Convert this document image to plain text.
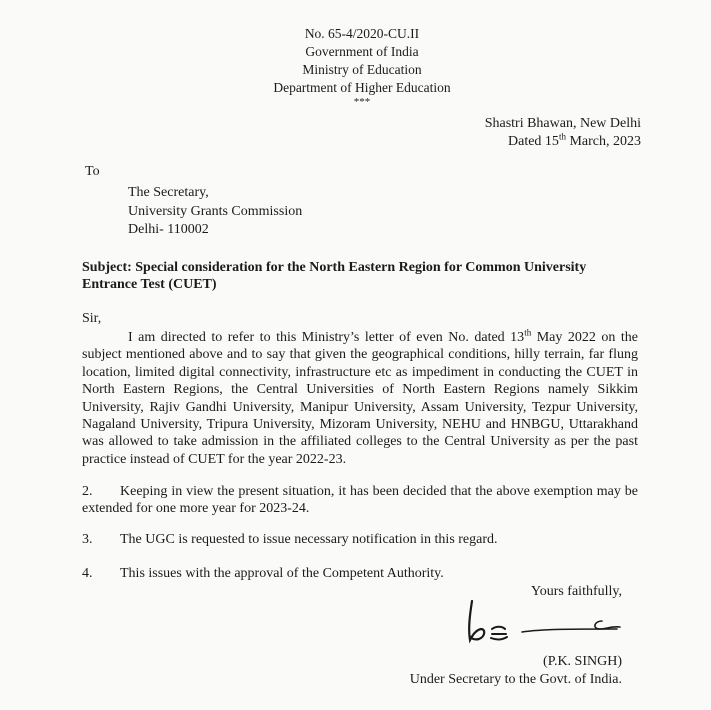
No. 65-4/2020-CU.II
Government of India
Ministry of Education
Department of Higher Education
***
Shastri Bhawan, New Delhi
Dated 15th March, 2023
To
The Secretary,
University Grants Commission
Delhi- 110002
Subject: Special consideration for the North Eastern Region for Common University
Entrance Test (CUET)
Sir,
I am directed to refer to this Ministry’s letter of even No. dated 13th May 2022 on the subject mentioned above and to say that given the geographical conditions, hilly terrain, far flung location, limited digital connectivity, infrastructure etc as impediment in conducting the CUET in North Eastern Regions, the Central Universities of North Eastern Regions namely Sikkim University, Rajiv Gandhi University, Manipur University, Assam University, Tezpur University, Nagaland University, Tripura University, Mizoram University, NEHU and HNBGU, Uttarakhand was allowed to take admission in the affiliated colleges to the Central University as per the past practice instead of CUET for the year 2022-23.
2. Keeping in view the present situation, it has been decided that the above exemption may be extended for one more year for 2023-24.
3. The UGC is requested to issue necessary notification in this regard.
4. This issues with the approval of the Competent Authority.
Yours faithfully,
(P.K. SINGH)
Under Secretary to the Govt. of India.
